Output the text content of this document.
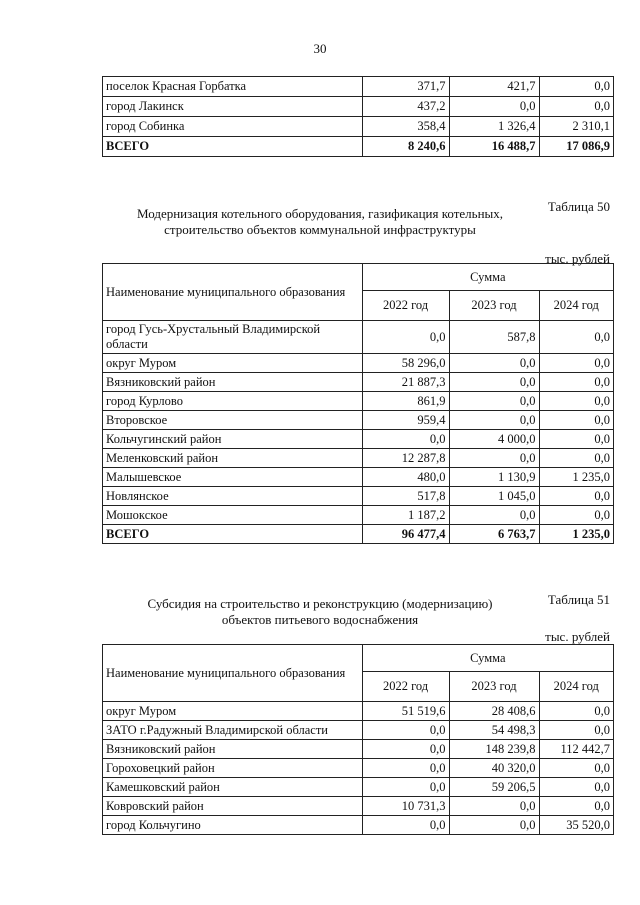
30
поселок Красная Горбатка	371,7	421,7	0,0
город Лакинск	437,2	0,0	0,0
город Собинка	358,4	1 326,4	2 310,1
ВСЕГО	8 240,6	16 488,7	17 086,9
Таблица 50
Модернизация котельного оборудования, газификация котельных,
строительство объектов коммунальной инфраструктуры
тыс. рублей
Наименование муниципального образования	Сумма		
	2022 год	2023 год	2024 год
город Гусь-Хрустальный Владимирской области	0,0	587,8	0,0
округ Муром	58 296,0	0,0	0,0
Вязниковский район	21 887,3	0,0	0,0
город Курлово	861,9	0,0	0,0
Второвское	959,4	0,0	0,0
Кольчугинский район	0,0	4 000,0	0,0
Меленковский район	12 287,8	0,0	0,0
Малышевское	480,0	1 130,9	1 235,0
Новлянское	517,8	1 045,0	0,0
Мошокское	1 187,2	0,0	0,0
ВСЕГО	96 477,4	6 763,7	1 235,0
Таблица 51
Субсидия на строительство и реконструкцию (модернизацию)
объектов питьевого водоснабжения
тыс. рублей
Наименование муниципального образования	Сумма		
	2022 год	2023 год	2024 год
округ Муром	51 519,6	28 408,6	0,0
ЗАТО г.Радужный Владимирской области	0,0	54 498,3	0,0
Вязниковский район	0,0	148 239,8	112 442,7
Гороховецкий район	0,0	40 320,0	0,0
Камешковский район	0,0	59 206,5	0,0
Ковровский район	10 731,3	0,0	0,0
город Кольчугино	0,0	0,0	35 520,0
